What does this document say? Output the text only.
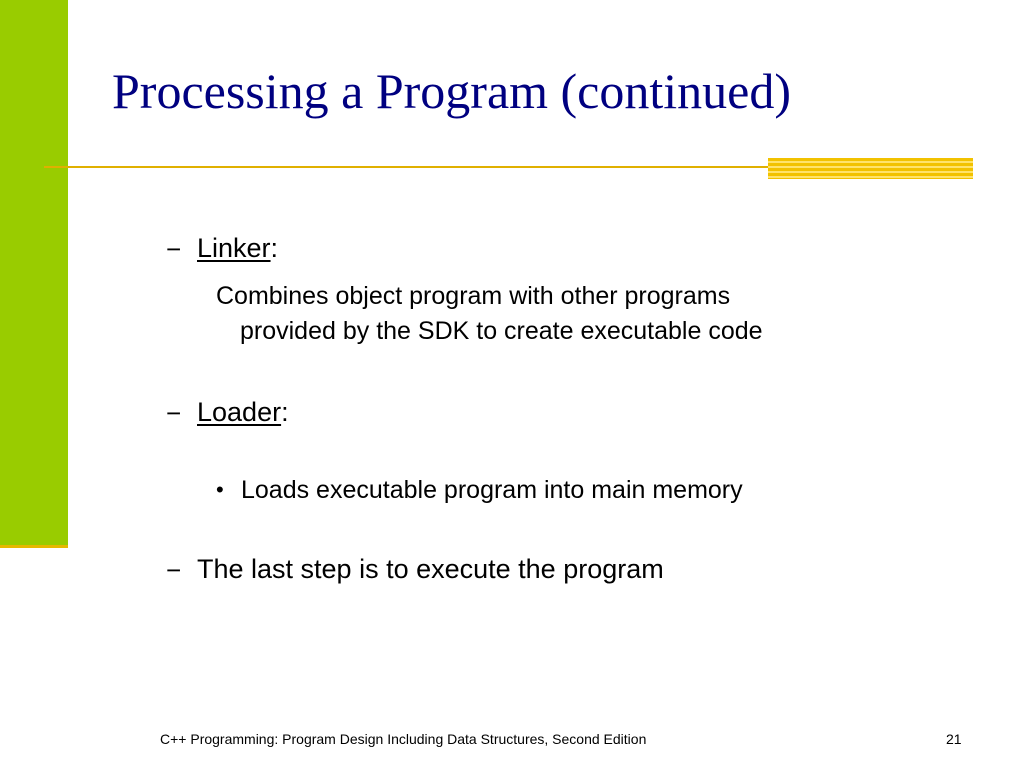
Processing a Program (continued)
− Linker:
Combines object program with other programs
provided by the SDK to create executable code
− Loader:
• Loads executable program into main memory
− The last step is to execute the program
C++ Programming: Program Design Including Data Structures, Second Edition	21
